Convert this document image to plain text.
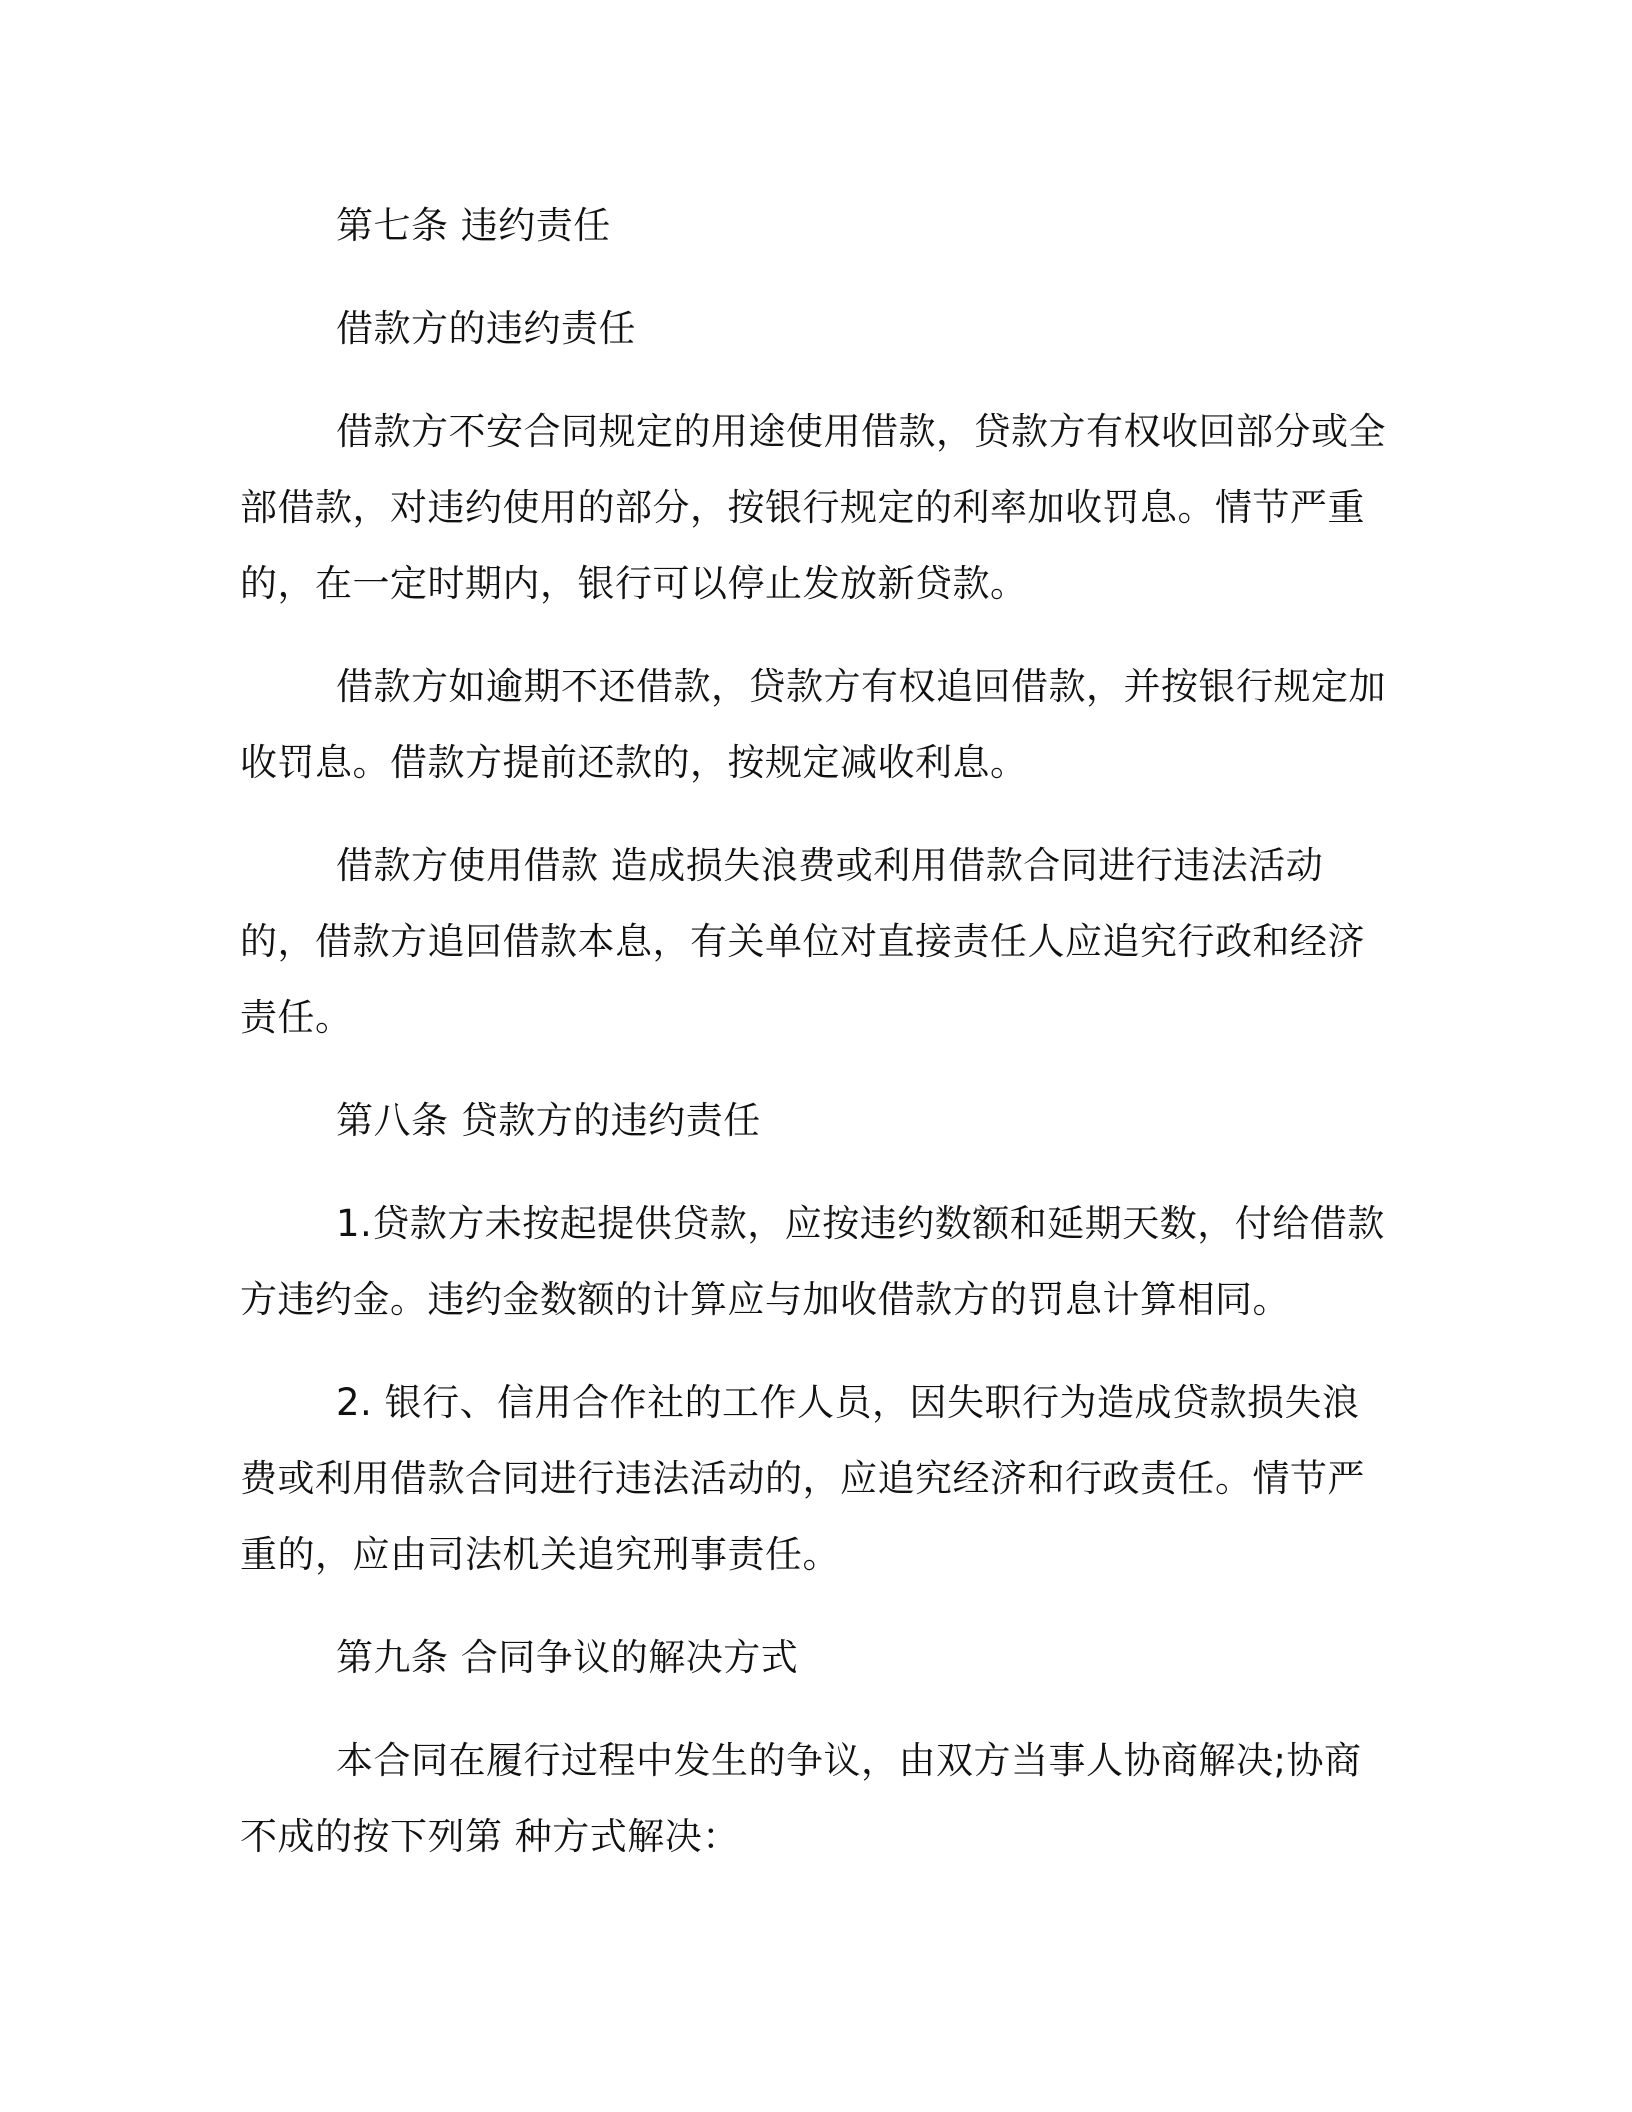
第七条 违约责任

借款方的违约责任

借款方不安合同规定的用途使用借款，贷款方有权收回部分或全部借款，对违约使用的部分，按银行规定的利率加收罚息。情节严重的，在一定时期内，银行可以停止发放新贷款。

借款方如逾期不还借款，贷款方有权追回借款，并按银行规定加收罚息。借款方提前还款的，按规定减收利息。

借款方使用借款 造成损失浪费或利用借款合同进行违法活动的，借款方追回借款本息，有关单位对直接责任人应追究行政和经济责任。

第八条 贷款方的违约责任

1.贷款方未按起提供贷款，应按违约数额和延期天数，付给借款方违约金。违约金数额的计算应与加收借款方的罚息计算相同。

2. 银行、信用合作社的工作人员，因失职行为造成贷款损失浪费或利用借款合同进行违法活动的，应追究经济和行政责任。情节严重的，应由司法机关追究刑事责任。

第九条 合同争议的解决方式

本合同在履行过程中发生的争议，由双方当事人协商解决;协商不成的按下列第 种方式解决：
